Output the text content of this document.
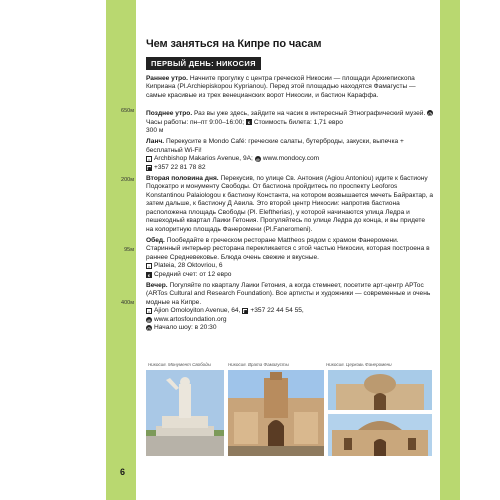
650м
200м
95м
400м
Чем заняться на Кипре по часам
ПЕРВЫЙ ДЕНЬ: НИКОСИЯ
Раннее утро. Начните прогулку с центра греческой Никосии — площади Архиепископа Киприана (Pl.Archiepiskopou Kyprianou). Перед этой площадью находятся Фамагусты — самые красивые из трех венецианских ворот Никосии, и бастион Караффа.
Позднее утро. Раз вы уже здесь, зайдите на часик в интересный Этнографический музей. ◷ Часы работы: пн–пт 9:00–16:00; € Стоимость билета: 1,71 евро
300 м
Ланч. Перекусите в Mondo Café: греческие салаты, бутерброды, закуски, выпечка + бесплатный Wi-Fi!
⌂ Archbishop Makarios Avenue, 9A; @ www.mondocy.com
☎ +357 22 81 78 82
Вторая половина дня. Перекусив, по улице Св. Антония (Agiou Antoniou) идите к бастиону Подокатро и монументу Свободы. От бастиона пройдитесь по проспекту Leoforos Konstantinou Palaiologou к бастиону Константа, на котором возвышается мечеть Байрактар, а затем дальше, к бастиону Д Авила. Это второй центр Никосии: напротив бастиона расположена площадь Свободы (Pl. Eleftherias), у которой начинаются улица Ледра и пешеходный квартал Лаики Гетония. Прогуляйтесь по улице Ледра до конца, и вы придете на колоритную площадь Фанеромени (Pl.Faneromeni).
Обед. Пообедайте в греческом ресторане Mattheos рядом с храмом Фанеромени. Старинный интерьер ресторана перекликается с этой частью Никосии, которая построена в раннее Средневековье. Блюда очень свежие и вкусные.
⌂ Plateia, 28 Oktovriou, 6
€ Средний счет: от 12 евро
Вечер. Погуляйте по кварталу Лаики Гетония, а когда стемнеет, посетите арт-центр АРТос (ARTos Cultural and Research Foundation). Все артисты и художники — современные и очень модные на Кипре.
⌂ Ajion Omoloyiton Avenue, 64, ☎ +357 22 44 54 55,
@ www.artosfoundation.org
◷ Начало шоу: в 20:30
Никосия. Монумент Свободы	Никосия. Врата Фамагусты	Никосия. Церковь Фанеромени
6
